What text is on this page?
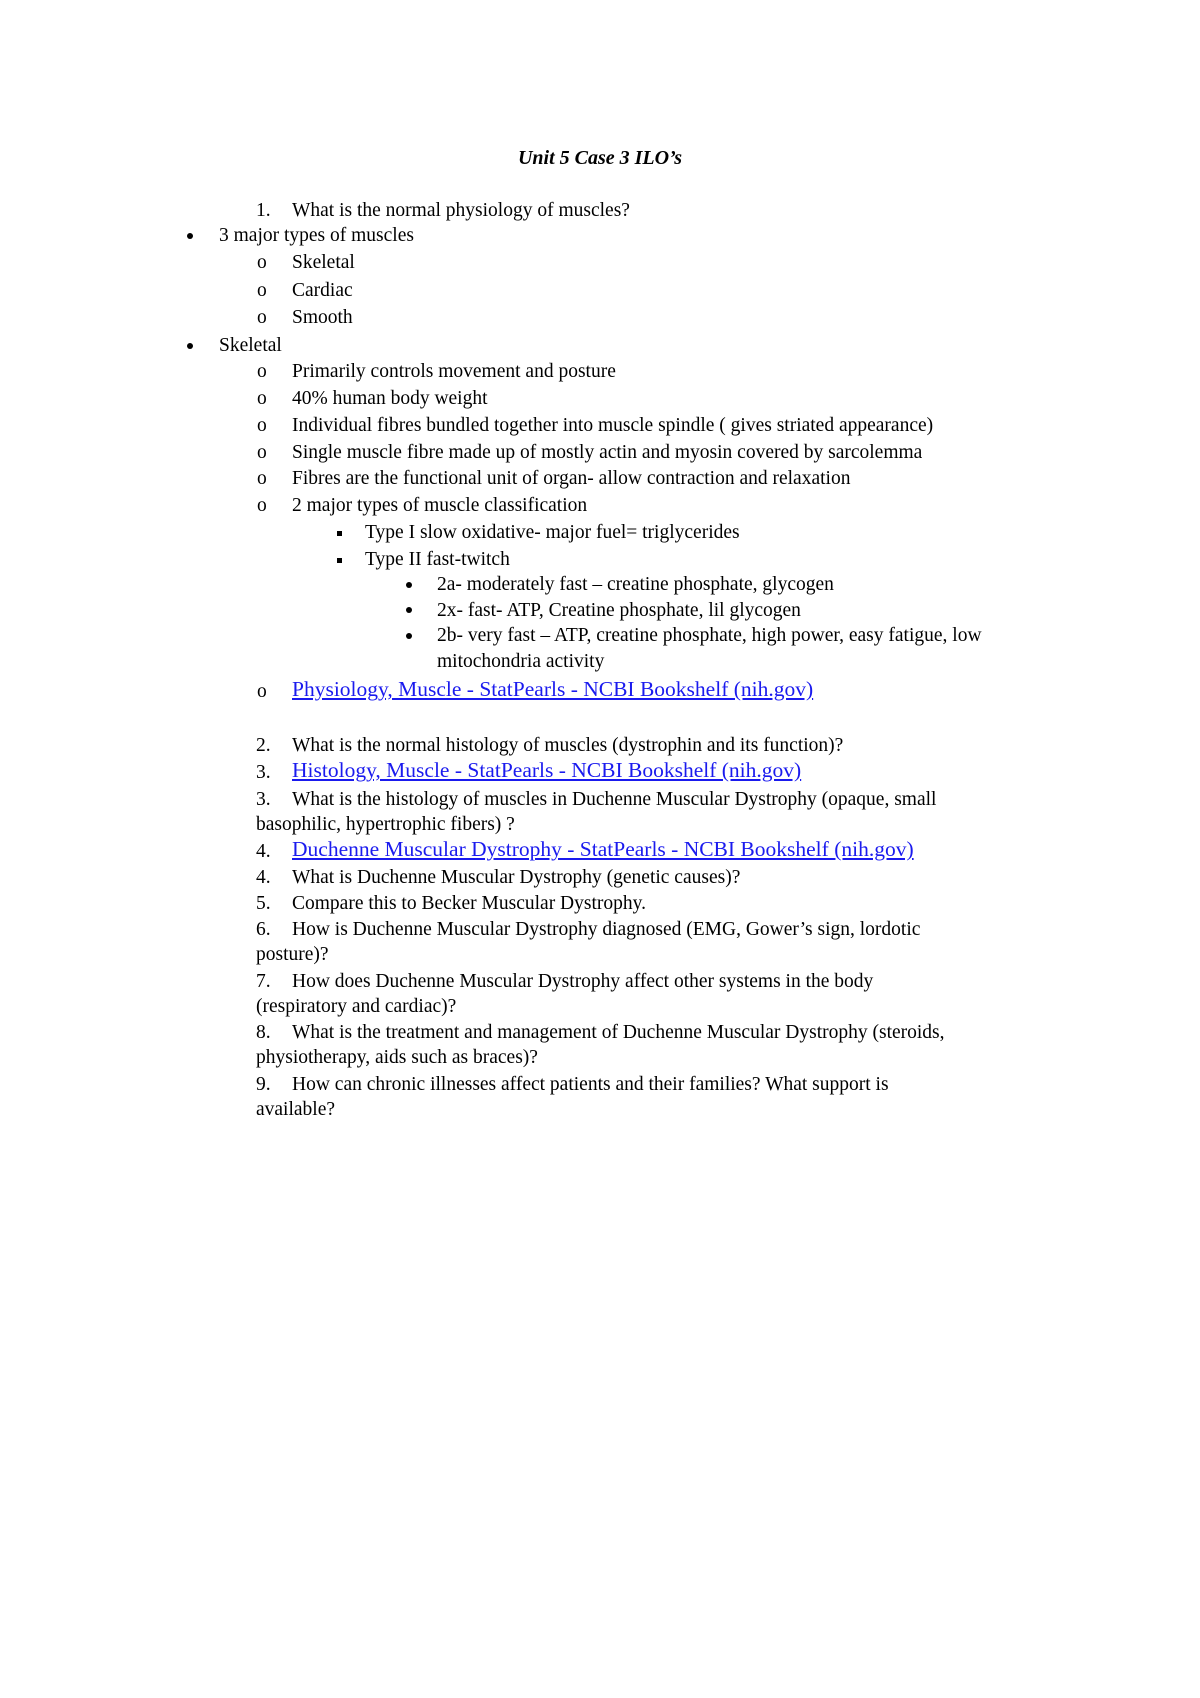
Unit 5 Case 3 ILO’s
1. What is the normal physiology of muscles?
3 major types of muscles
o Skeletal
o Cardiac
o Smooth
Skeletal
o Primarily controls movement and posture
o 40% human body weight
o Individual fibres bundled together into muscle spindle ( gives striated appearance)
o Single muscle fibre made up of mostly actin and myosin covered by sarcolemma
o Fibres are the functional unit of organ- allow contraction and relaxation
o 2 major types of muscle classification
Type I slow oxidative- major fuel= triglycerides
Type II fast-twitch
2a- moderately fast – creatine phosphate, glycogen
2x- fast- ATP, Creatine phosphate, lil glycogen
2b- very fast – ATP, creatine phosphate, high power, easy fatigue, low
mitochondria activity
o Physiology, Muscle - StatPearls - NCBI Bookshelf (nih.gov)
2. What is the normal histology of muscles (dystrophin and its function)?
3. Histology, Muscle - StatPearls - NCBI Bookshelf (nih.gov)
3. What is the histology of muscles in Duchenne Muscular Dystrophy (opaque, small
basophilic, hypertrophic fibers) ?
4. Duchenne Muscular Dystrophy - StatPearls - NCBI Bookshelf (nih.gov)
4. What is Duchenne Muscular Dystrophy (genetic causes)?
5. Compare this to Becker Muscular Dystrophy.
6. How is Duchenne Muscular Dystrophy diagnosed (EMG, Gower’s sign, lordotic
posture)?
7. How does Duchenne Muscular Dystrophy affect other systems in the body
(respiratory and cardiac)?
8. What is the treatment and management of Duchenne Muscular Dystrophy (steroids,
physiotherapy, aids such as braces)?
9. How can chronic illnesses affect patients and their families? What support is
available?
